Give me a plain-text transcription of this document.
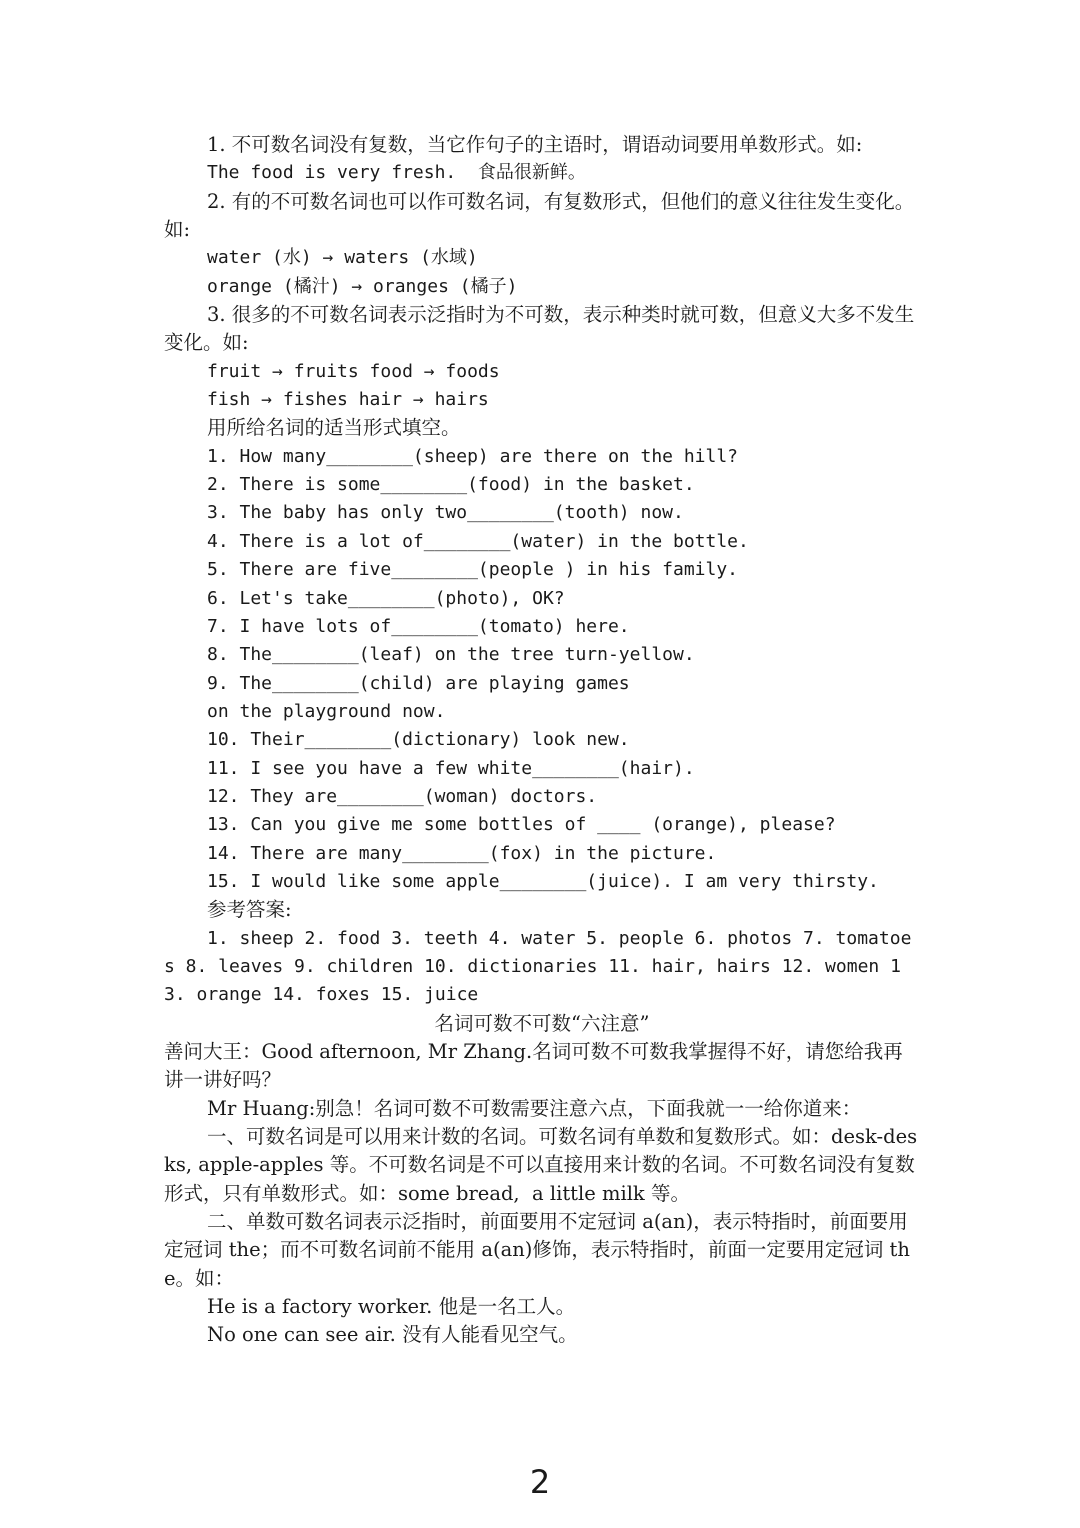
1. 不可数名词没有复数，当它作句子的主语时，谓语动词要用单数形式。如:

The food is very fresh.  食品很新鲜。

2. 有的不可数名词也可以作可数名词，有复数形式，但他们的意义往往发生变化。如:

water (水) → waters (水域)

orange (橘汁) → oranges (橘子)

3. 很多的不可数名词表示泛指时为不可数，表示种类时就可数，但意义大多不发生变化。如:

fruit → fruits food → foods

fish → fishes hair → hairs

用所给名词的适当形式填空。

1. How many________(sheep) are there on the hill?

2. There is some________(food) in the basket.

3. The baby has only two________(tooth) now.

4. There is a lot of________(water) in the bottle.

5. There are five________(people ) in his family.

6. Let's take________(photo), OK?

7. I have lots of________(tomato) here.

8. The________(leaf) on the tree turn-yellow.

9. The________(child) are playing games

on the playground now.

10. Their________(dictionary) look new.

11. I see you have a few white________(hair).

12. They are________(woman) doctors.

13. Can you give me some bottles of ____ (orange), please?

14. There are many________(fox) in the picture.

15. I would like some apple________(juice). I am very thirsty.

参考答案:

1. sheep 2. food 3. teeth 4. water 5. people 6. photos 7. tomatoes 8. leaves 9. children 10. dictionaries 11. hair, hairs 12. women 13. orange 14. foxes 15. juice

名词可数不可数“六注意”

善问大王：Good afternoon, Mr Zhang.名词可数不可数我掌握得不好，请您给我再讲一讲好吗？

Mr Huang:别急！名词可数不可数需要注意六点，下面我就一一给你道来：

一、可数名词是可以用来计数的名词。可数名词有单数和复数形式。如：desk-desks, apple-apples 等。不可数名词是不可以直接用来计数的名词。不可数名词没有复数形式，只有单数形式。如：some bread,  a little milk 等。

二、单数可数名词表示泛指时，前面要用不定冠词 a(an)，表示特指时，前面要用定冠词 the；而不可数名词前不能用 a(an)修饰，表示特指时，前面一定要用定冠词 the。如：

He is a factory worker. 他是一名工人。

No one can see air. 没有人能看见空气。

2
